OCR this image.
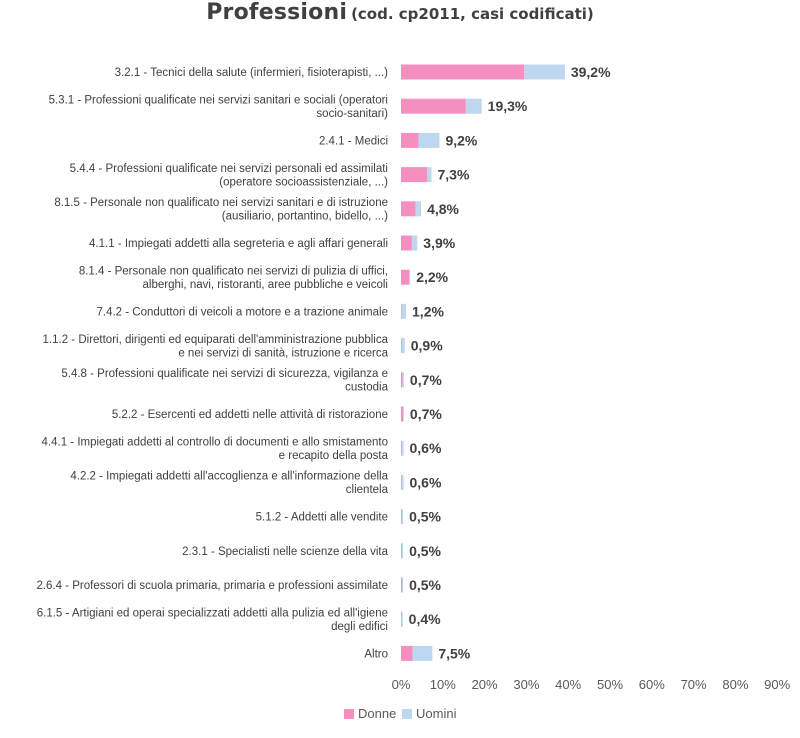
Professioni (cod. cp2011, casi codificati)
3.2.1 - Tecnici della salute (infermieri, fisioterapisti, ...)	39,2%
5.3.1 - Professioni qualificate nei servizi sanitari e sociali (operatori socio-sanitari)	19,3%
2.4.1 - Medici	9,2%
5.4.4 - Professioni qualificate nei servizi personali ed assimilati (operatore socioassistenziale, ...)	7,3%
8.1.5 - Personale non qualificato nei servizi sanitari e di istruzione (ausiliario, portantino, bidello, ...)	4,8%
4.1.1 - Impiegati addetti alla segreteria e agli affari generali	3,9%
8.1.4 - Personale non qualificato nei servizi di pulizia di uffici, alberghi, navi, ristoranti, aree pubbliche e veicoli 2,2%
7.4.2 - Conduttori di veicoli a motore e a trazione animale 1,2%
1.1.2 - Direttori, dirigenti ed equiparati dell'amministrazione pubblica e nei servizi di sanità, istruzione e ricerca 0,9%
5.4.8 - Professioni qualificate nei servizi di sicurezza, vigilanza e custodia 0,7%
5.2.2 - Esercenti ed addetti nelle attività di ristorazione 0,7%
4.4.1 - Impiegati addetti al controllo di documenti e allo smistamento e recapito della posta 0,6%
4.2.2 - Impiegati addetti all'accoglienza e all'informazione della clientela 0,6%
5.1.2 - Addetti alle vendite 0,5%
2.3.1 - Specialisti nelle scienze della vita 0,5%
2.6.4 - Professori di scuola primaria, primaria e professioni assimilate 0,5%
6.1.5 - Artigiani ed operai specializzati addetti alla pulizia ed all'igiene degli edifici 0,4%
Altro	7,5%
0% 10% 20% 30% 40% 50% 60% 70% 80% 90%
Donne Uomini
